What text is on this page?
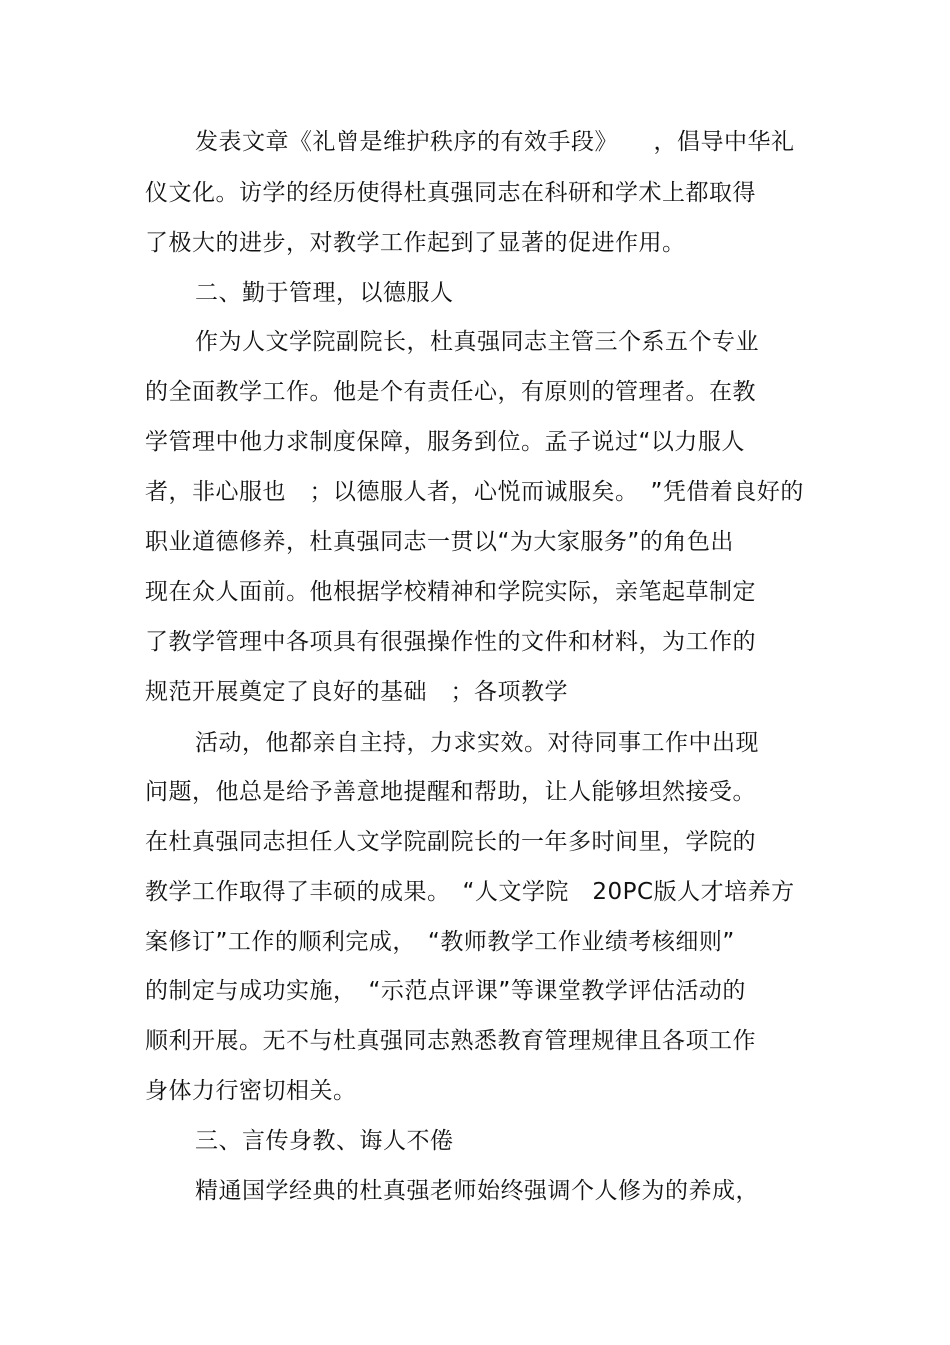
发表文章《礼曾是维护秩序的有效手段》　　，倡导中华礼
仪文化。访学的经历使得杜真强同志在科研和学术上都取得
了极大的进步，对教学工作起到了显著的促进作用。
二、勤于管理，以德服人
作为人文学院副院长，杜真强同志主管三个系五个专业
的全面教学工作。他是个有责任心，有原则的管理者。在教
学管理中他力求制度保障，服务到位。孟子说过“以力服人
者，非心服也　；以德服人者，心悦而诚服矣。　”凭借着良好的
职业道德修养，杜真强同志一贯以“为大家服务”的角色出
现在众人面前。他根据学校精神和学院实际，亲笔起草制定
了教学管理中各项具有很强操作性的文件和材料，为工作的
规范开展奠定了良好的基础　；各项教学
活动，他都亲自主持，力求实效。对待同事工作中出现
问题，他总是给予善意地提醒和帮助，让人能够坦然接受。
在杜真强同志担任人文学院副院长的一年多时间里，学院的
教学工作取得了丰硕的成果。　“人文学院　20PC版人才培养方
案修订”工作的顺利完成，　“教师教学工作业绩考核细则”
的制定与成功实施，　“示范点评课”等课堂教学评估活动的
顺利开展。无不与杜真强同志熟悉教育管理规律且各项工作
身体力行密切相关。
三、言传身教、诲人不倦
精通国学经典的杜真强老师始终强调个人修为的养成，
